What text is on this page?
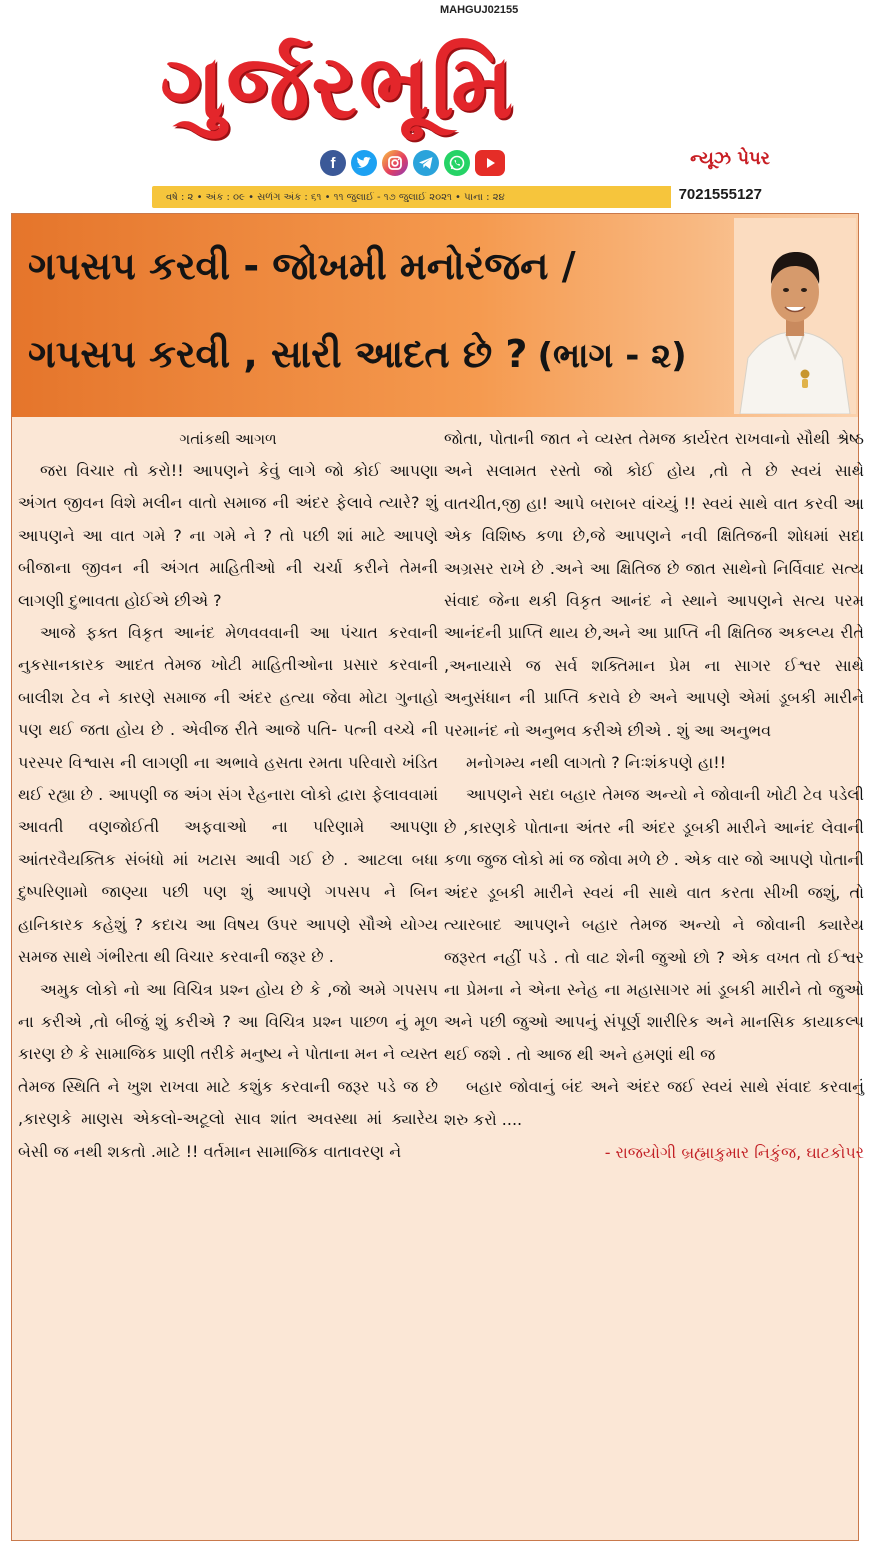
MAHGUJ02155
ગુર્જરભૂમિ
f	ન્યૂઝ પેપર
વર્ષ : ૨ • અંક : ૦૯ • સળંગ અંક : ૬૧ • ૧૧ જુલાઈ - ૧૭ જુલાઈ ૨૦૨૧ • પાના : ૨૪	7021555127
ગપસપ કરવી - જોખમી મનોરંજન /
ગપસપ કરવી , સારી આદત છે ? (ભાગ - ૨)

ગતાંકથી આગળ

જરા વિચાર તો કરો!! આપણને કેવું લાગે જો કોઈ આપણા અંગત જીવન વિશે મલીન વાતો સમાજ ની અંદર ફેલાવે ત્યારે? શું આપણને આ વાત ગમે ? ના ગમે ને ? તો પછી શાં માટે આપણે બીજાના જીવન ની અંગત માહિતીઓ ની ચર્ચા કરીને તેમની લાગણી દુભાવતા હોઈએ છીએ ?

આજે ફક્ત વિકૃત આનંદ મેળવવવાની આ પંચાત કરવાની નુકસાનકારક આદત તેમજ ખોટી માહિતીઓના પ્રસાર કરવાની બાલીશ ટેવ ને કારણે સમાજ ની અંદર હત્યા જેવા મોટા ગુનાહો પણ થઈ જતા હોય છે . એવીજ રીતે આજે પતિ- પત્ની વચ્ચે ની પરસ્પર વિશ્વાસ ની લાગણી ના અભાવે હસતા રમતા પરિવારો ખંડિત થઈ રહ્યા છે . આપણી જ અંગ સંગ રેહનારા લોકો દ્વારા ફેલાવવામાં આવતી વણજોઈતી અફવાઓ ના પરિણામે આપણા આંતરવૈયક્તિક સંબંધો માં ખટાસ આવી ગઈ છે . આટલા બધા દુષ્પરિણામો જાણ્યા પછી પણ શું આપણે ગપસપ ને બિન હાનિકારક કહેશું ? કદાચ આ વિષય ઉપર આપણે સૌએ યોગ્ય સમજ સાથે ગંભીરતા થી વિચાર કરવાની જરૂર છે .

અમુક લોકો નો આ વિચિત્ર પ્રશ્ન હોય છે કે ,જો અમે ગપસપ ના કરીએ ,તો બીજું શું કરીએ ? આ વિચિત્ર પ્રશ્ન પાછળ નું મૂળ કારણ છે કે સામાજિક પ્રાણી તરીકે મનુષ્ય ને પોતાના મન ને વ્યસ્ત તેમજ સ્થિતિ ને ખુશ રાખવા માટે કશુંક કરવાની જરૂર પડે જ છે ,કારણકે માણસ એકલો-અટૂલો સાવ શાંત અવસ્થા માં ક્યારેય બેસી જ નથી શકતો .માટે !! વર્તમાન સામાજિક વાતાવરણ ને

જોતા, પોતાની જાત ને વ્યસ્ત તેમજ કાર્યરત રાખવાનો સૌથી શ્રેષ્ઠ અને સલામત રસ્તો જો કોઈ હોય ,તો તે છે સ્વયં સાથે વાતચીત,જી હા! આપે બરાબર વાંચ્યું !! સ્વયં સાથે વાત કરવી આ એક વિશિષ્ઠ કળા છે,જે આપણને નવી ક્ષિતિજની શોધમાં સદા અગ્રસર રાખે છે .અને આ ક્ષિતિજ છે જાત સાથેનો નિર્વિવાદ સત્ય સંવાદ જેના થકી વિકૃત આનંદ ને સ્થાને આપણને સત્ય પરમ આનંદની પ્રાપ્તિ થાય છે,અને આ પ્રાપ્તિ ની ક્ષિતિજ અકલ્પ્ય રીતે ,અનાયાસે જ સર્વ શક્તિમાન પ્રેમ ના સાગર ઈશ્વર સાથે અનુસંધાન ની પ્રાપ્તિ કરાવે છે અને આપણે એમાં ડૂબકી મારીને પરમાનંદ નો અનુભવ કરીએ છીએ . શું આ અનુભવ

મનોગમ્ય નથી લાગતો ? નિઃશંકપણે હા!!

આપણને સદા બહાર તેમજ અન્યો ને જોવાની ખોટી ટેવ પડેલી છે ,કારણકે પોતાના અંતર ની અંદર ડૂબકી મારીને આનંદ લેવાની કળા જુજ લોકો માં જ જોવા મળે છે . એક વાર જો આપણે પોતાની અંદર ડૂબકી મારીને સ્વયં ની સાથે વાત કરતા સીખી જશું, તો ત્યારબાદ આપણને બહાર તેમજ અન્યો ને જોવાની ક્યારેય જરૂરત નહીં પડે . તો વાટ શેની જુઓ છો ? એક વખત તો ઈશ્વર ના પ્રેમના ને એના સ્નેહ ના મહાસાગર માં ડૂબકી મારીને તો જુઓ અને પછી જુઓ આપનું સંપૂર્ણ શારીરિક અને માનસિક કાયાકલ્પ થઈ જશે . તો આજ થી અને હમણાં થી જ

બહાર જોવાનું બંદ અને અંદર જઈ સ્વયં સાથે સંવાદ કરવાનું શરુ કરો ....

- રાજયોગી બ્રહ્માકુમાર નિકુંજ, ઘાટકોપર
